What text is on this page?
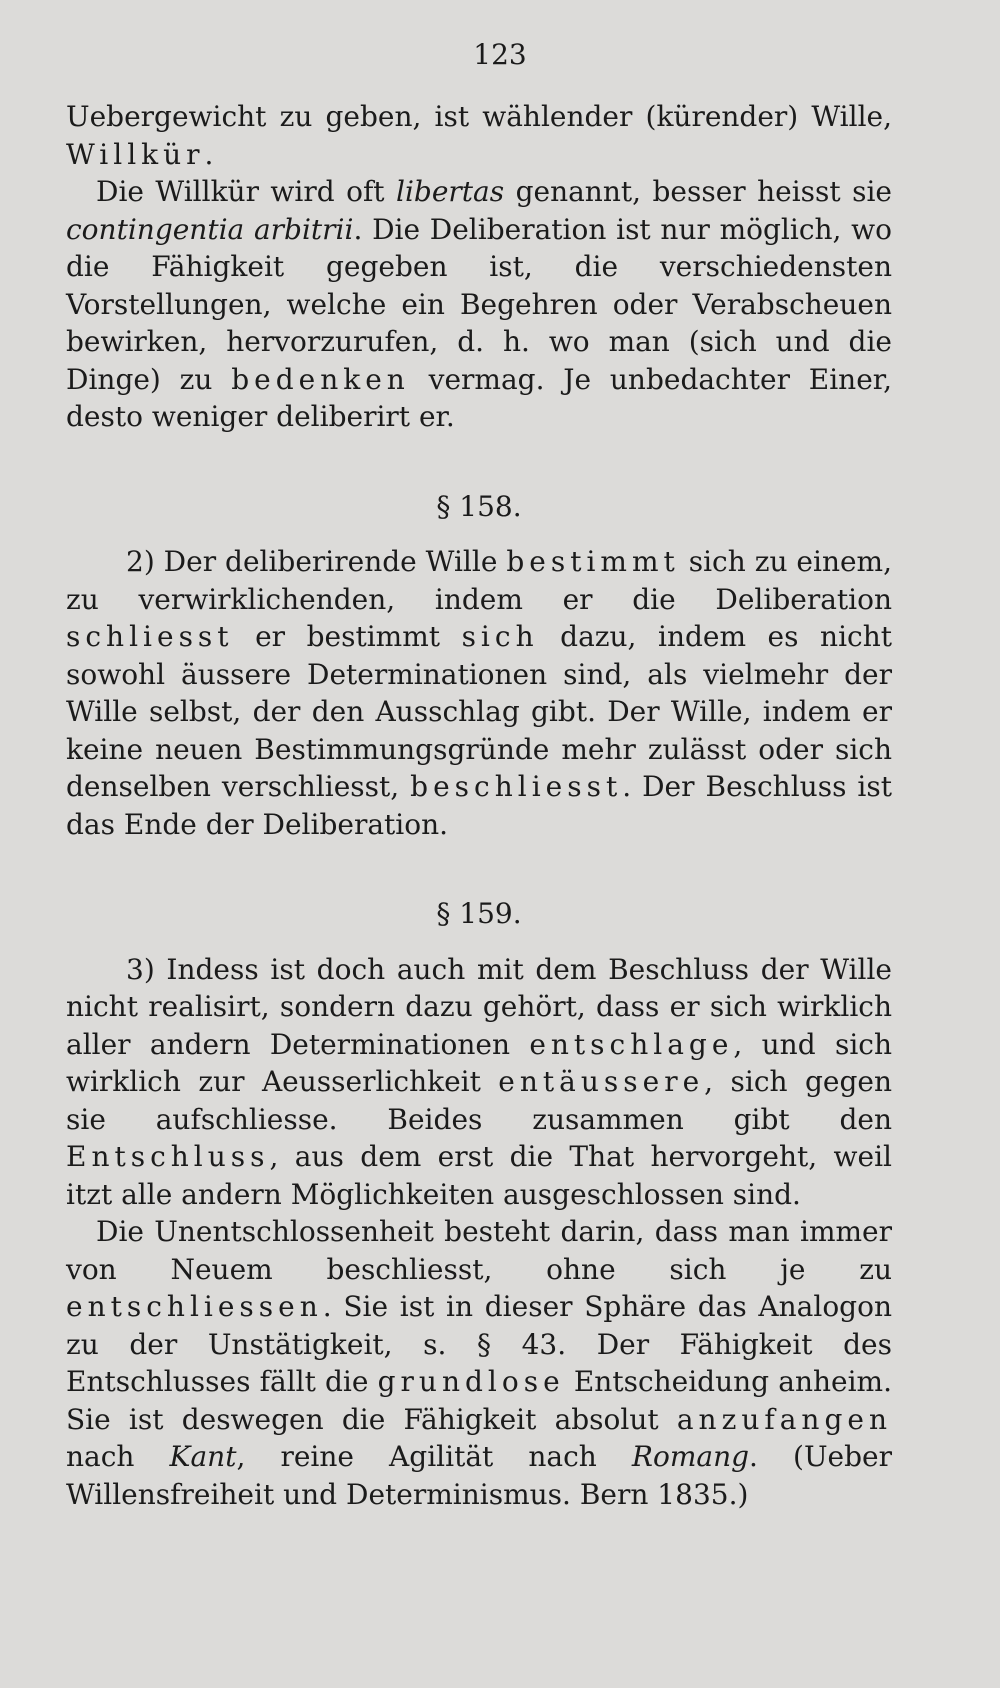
123

Uebergewicht zu geben, ist wählender (kürender) Wille, Willkür.

Die Willkür wird oft libertas genannt, besser heisst sie contingentia arbitrii. Die Deliberation ist nur möglich, wo die Fähigkeit gegeben ist, die verschiedensten Vorstellungen, welche ein Begehren oder Verabscheuen bewirken, hervorzurufen, d. h. wo man (sich und die Dinge) zu bedenken vermag. Je unbedachter Einer, desto weniger deliberirt er.

§ 158.

2) Der deliberirende Wille bestimmt sich zu einem, zu verwirklichenden, indem er die Deliberation schliesst er bestimmt sich dazu, indem es nicht sowohl äussere Determinationen sind, als vielmehr der Wille selbst, der den Ausschlag gibt. Der Wille, indem er keine neuen Bestimmungsgründe mehr zulässt oder sich denselben verschliesst, beschliesst. Der Beschluss ist das Ende der Deliberation.

§ 159.

3) Indess ist doch auch mit dem Beschluss der Wille nicht realisirt, sondern dazu gehört, dass er sich wirklich aller andern Determinationen entschlage, und sich wirklich zur Aeusserlichkeit entäussere, sich gegen sie aufschliesse. Beides zusammen gibt den Entschluss, aus dem erst die That hervorgeht, weil itzt alle andern Möglichkeiten ausgeschlossen sind.

Die Unentschlossenheit besteht darin, dass man immer von Neuem beschliesst, ohne sich je zu entschliessen. Sie ist in dieser Sphäre das Analogon zu der Unstätigkeit, s. § 43. Der Fähigkeit des Entschlusses fällt die grundlose Entscheidung anheim. Sie ist deswegen die Fähigkeit absolut anzufangen nach Kant, reine Agilität nach Romang. (Ueber Willensfreiheit und Determinismus. Bern 1835.)
